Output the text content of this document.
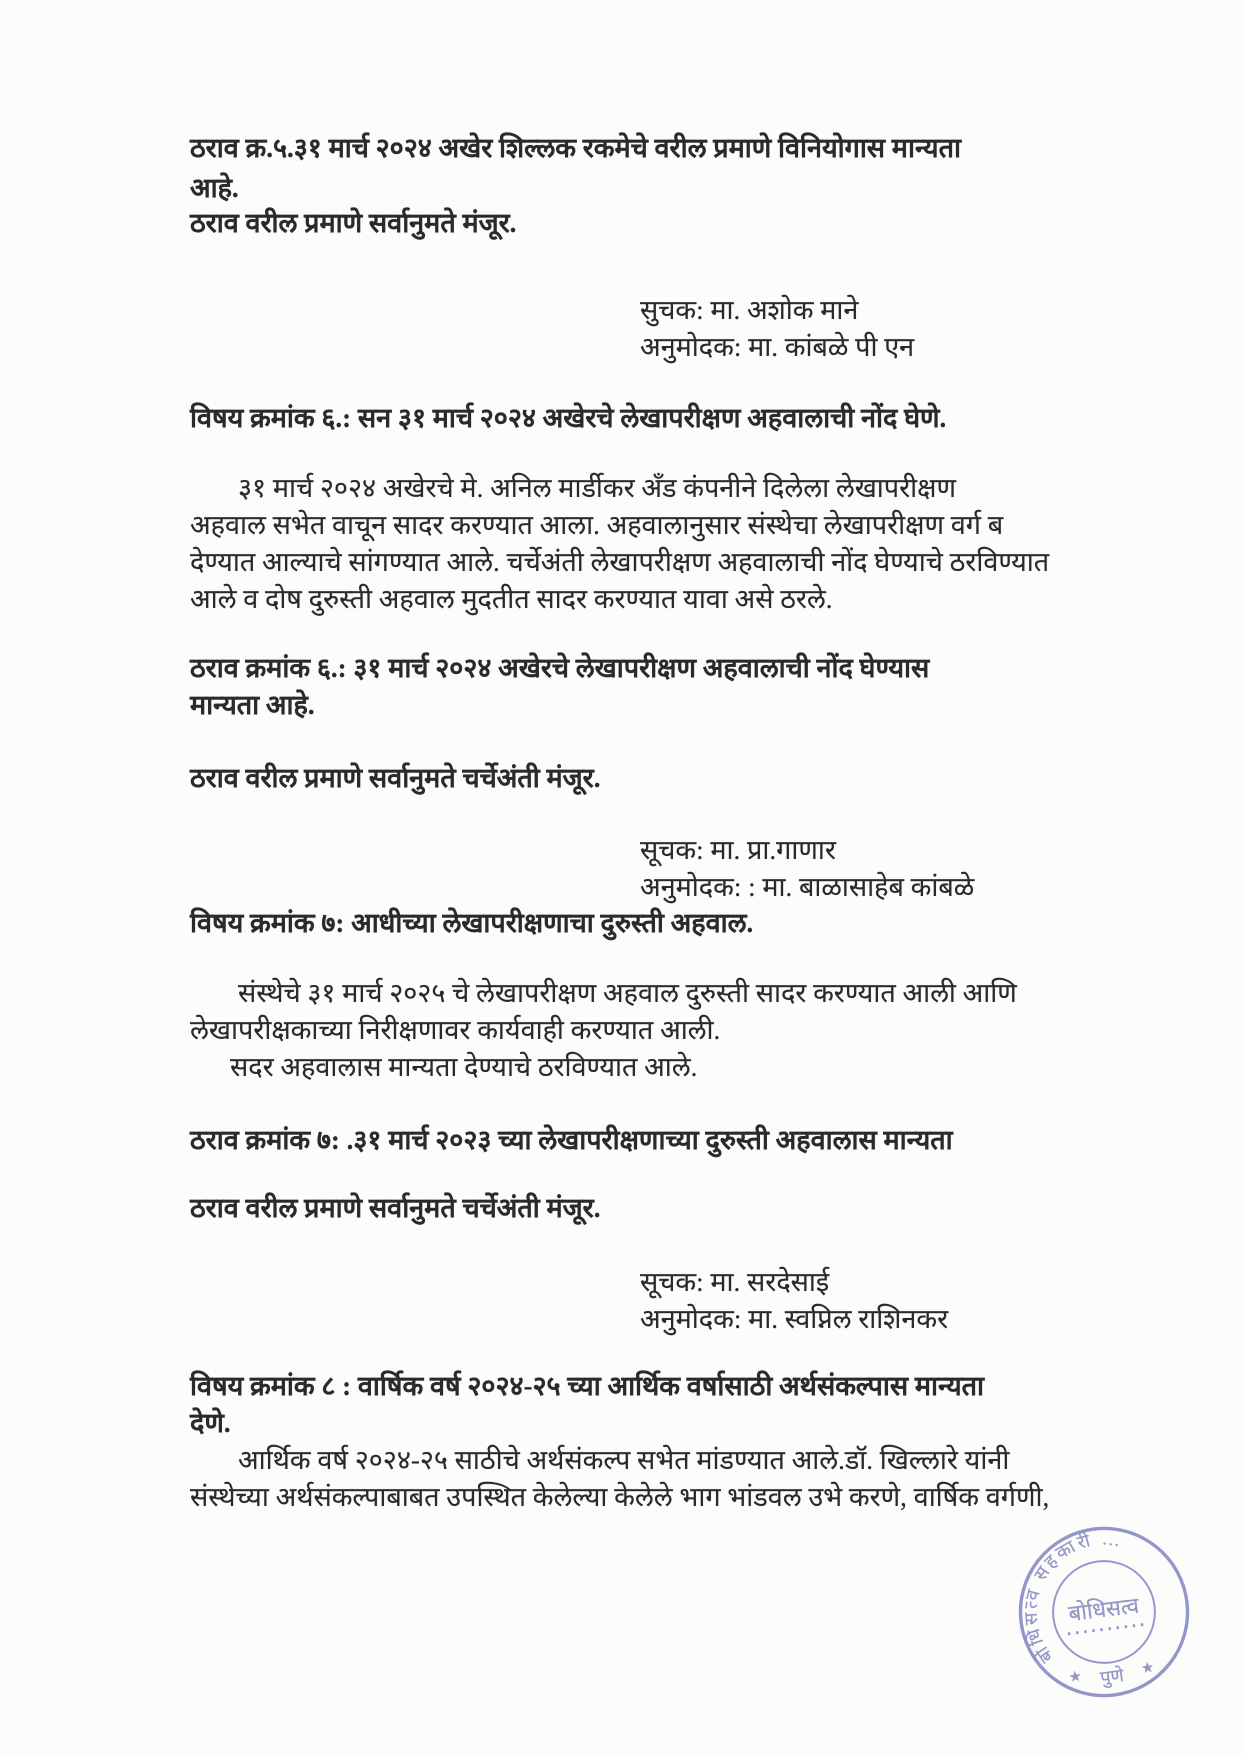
ठराव क्र.५.३१ मार्च २०२४ अखेर शिल्लक रकमेचे वरील प्रमाणे विनियोगास मान्यता
आहे.
ठराव वरील प्रमाणे सर्वानुमते मंजूर.
सुचक: मा. अशोक माने
अनुमोदक: मा. कांबळे पी एन
विषय क्रमांक ६.: सन ३१ मार्च २०२४ अखेरचे लेखापरीक्षण अहवालाची नोंद घेणे.
३१ मार्च २०२४ अखेरचे मे. अनिल मार्डीकर अँड कंपनीने दिलेला लेखापरीक्षण
अहवाल सभेत वाचून सादर करण्यात आला. अहवालानुसार संस्थेचा लेखापरीक्षण वर्ग ब
देण्यात आल्याचे सांगण्यात आले. चर्चेअंती लेखापरीक्षण अहवालाची नोंद घेण्याचे ठरविण्यात
आले व दोष दुरुस्ती अहवाल मुदतीत सादर करण्यात यावा असे ठरले.
ठराव क्रमांक ६.: ३१ मार्च २०२४ अखेरचे लेखापरीक्षण अहवालाची नोंद घेण्यास
मान्यता आहे.
ठराव वरील प्रमाणे सर्वानुमते चर्चेअंती मंजूर.
सूचक: मा. प्रा.गाणार
अनुमोदक: : मा. बाळासाहेब कांबळे
विषय क्रमांक ७: आधीच्या लेखापरीक्षणाचा दुरुस्ती अहवाल.
संस्थेचे ३१ मार्च २०२५ चे लेखापरीक्षण अहवाल दुरुस्ती सादर करण्यात आली आणि
लेखापरीक्षकाच्या निरीक्षणावर कार्यवाही करण्यात आली.
सदर अहवालास मान्यता देण्याचे ठरविण्यात आले.
ठराव क्रमांक ७: .३१ मार्च २०२३ च्या लेखापरीक्षणाच्या दुरुस्ती अहवालास मान्यता
ठराव वरील प्रमाणे सर्वानुमते चर्चेअंती मंजूर.
सूचक: मा. सरदेसाई
अनुमोदक: मा. स्वप्निल राशिनकर
विषय क्रमांक ८ : वार्षिक वर्ष २०२४-२५ च्या आर्थिक वर्षासाठी अर्थसंकल्पास मान्यता
देणे.
आर्थिक वर्ष २०२४-२५ साठीचे अर्थसंकल्प सभेत मांडण्यात आले.डॉ. खिल्लारे यांनी
संस्थेच्या अर्थसंकल्पाबाबत उपस्थित केलेल्या केलेले भाग भांडवल उभे करणे, वार्षिक वर्गणी,
बोधिसत्व सहकारी …
बोधिसत्व
पुणे
★
★
